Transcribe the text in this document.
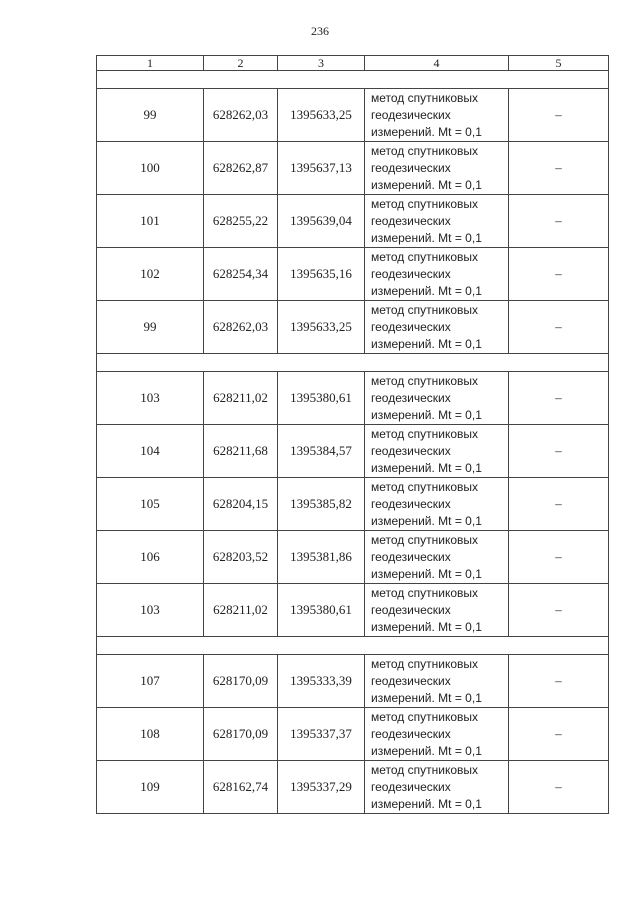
236
1	2	3	4	5

99	628262,03	1395633,25	метод спутниковых
геодезических
измерений. Mt = 0,1	–
100	628262,87	1395637,13	метод спутниковых
геодезических
измерений. Mt = 0,1	–
101	628255,22	1395639,04	метод спутниковых
геодезических
измерений. Mt = 0,1	–
102	628254,34	1395635,16	метод спутниковых
геодезических
измерений. Mt = 0,1	–
99	628262,03	1395633,25	метод спутниковых
геодезических
измерений. Mt = 0,1	–

103	628211,02	1395380,61	метод спутниковых
геодезических
измерений. Mt = 0,1	–
104	628211,68	1395384,57	метод спутниковых
геодезических
измерений. Mt = 0,1	–
105	628204,15	1395385,82	метод спутниковых
геодезических
измерений. Mt = 0,1	–
106	628203,52	1395381,86	метод спутниковых
геодезических
измерений. Mt = 0,1	–
103	628211,02	1395380,61	метод спутниковых
геодезических
измерений. Mt = 0,1	–

107	628170,09	1395333,39	метод спутниковых
геодезических
измерений. Mt = 0,1	–
108	628170,09	1395337,37	метод спутниковых
геодезических
измерений. Mt = 0,1	–
109	628162,74	1395337,29	метод спутниковых
геодезических
измерений. Mt = 0,1	–
